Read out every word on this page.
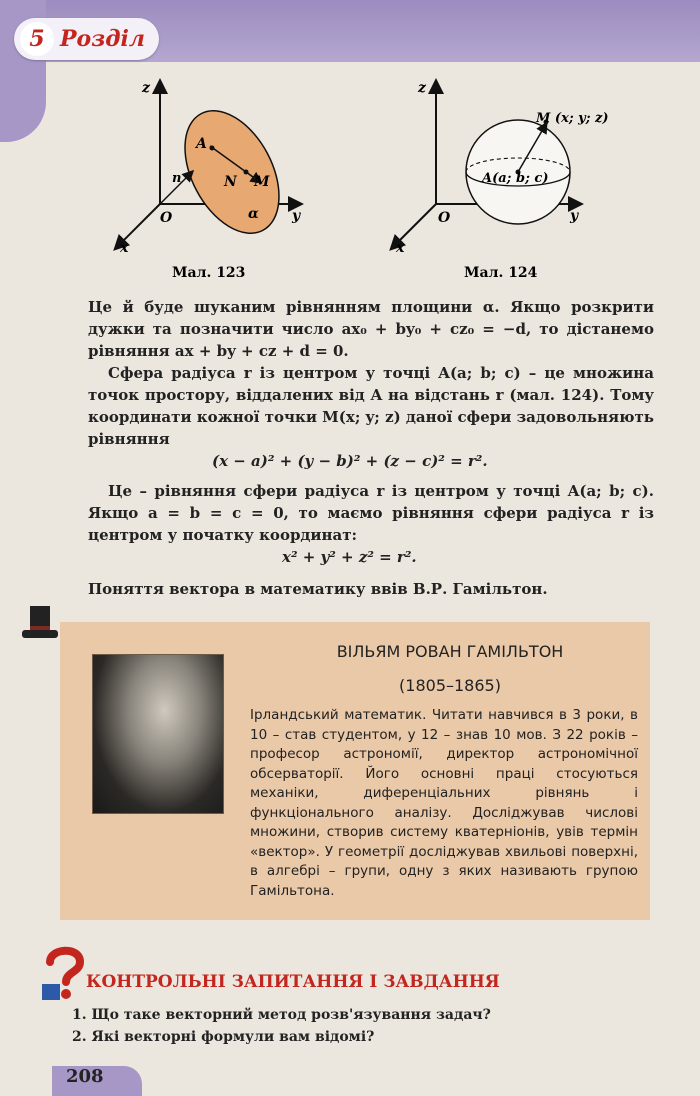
5 Розділ
z
y
x
O
A
N M
n
α
Мал. 123
z
y
x
O
M (x; y; z)
A(a; b; c)
Мал. 124
Це й буде шуканим рівнянням площини α. Якщо розкрити дужки та позначити число ax₀ + by₀ + cz₀ = −d, то дістанемо рівняння ax + by + cz + d = 0.
Сфера радіуса r із центром у точці A(a; b; c) – це множина точок простору, віддалених від A на відстань r (мал. 124). Тому координати кожної точки M(x; y; z) даної сфери задовольняють рівняння
(x − a)² + (y − b)² + (z − c)² = r².
Це – рівняння сфери радіуса r із центром у точці A(a; b; c). Якщо a = b = c = 0, то маємо рівняння сфери радіуса r із центром у початку координат:
x² + y² + z² = r².
Поняття вектора в математику ввів В.Р. Гамільтон.
ВІЛЬЯМ РОВАН ГАМІЛЬТОН
(1805–1865)
Ірландський математик. Читати навчився в 3 роки, в 10 – став студентом, у 12 – знав 10 мов. З 22 років – професор астрономії, директор астрономічної обсерваторії. Його основні праці стосуються механіки, диференціальних рівнянь і функціонального аналізу. Досліджував числові множини, створив систему кватерніонів, увів термін «вектор». У геометрії досліджував хвильові поверхні, в алгебрі – групи, одну з яких називають групою Гамільтона.
КОНТРОЛЬНІ ЗАПИТАННЯ І ЗАВДАННЯ
1. Що таке векторний метод розв'язування задач?
2. Які векторні формули вам відомі?
208
